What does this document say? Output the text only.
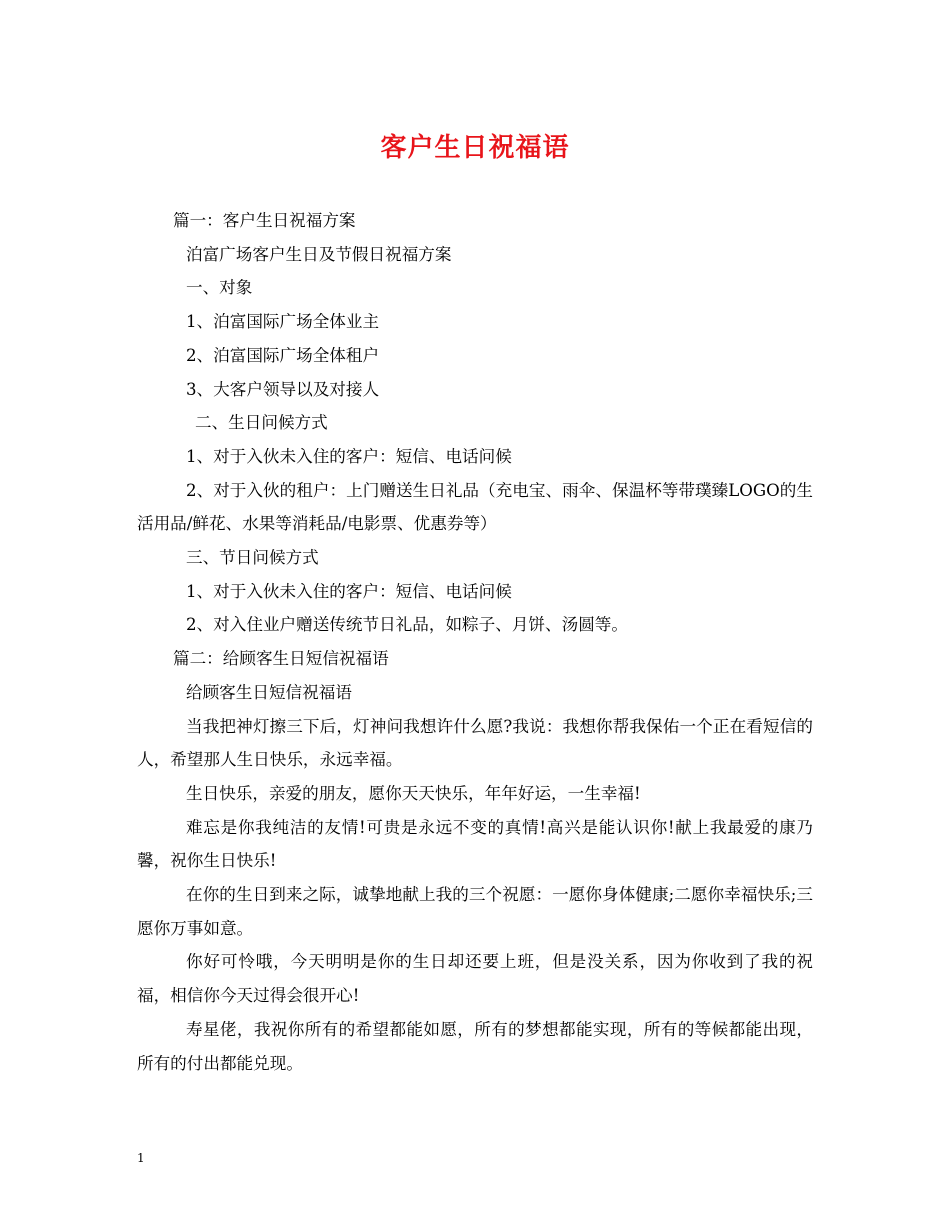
客户生日祝福语

篇一：客户生日祝福方案

泊富广场客户生日及节假日祝福方案

一、对象

1、泊富国际广场全体业主

2、泊富国际广场全体租户

3、大客户领导以及对接人

二、生日问候方式

1、对于入伙未入住的客户：短信、电话问候

2、对于入伙的租户：上门赠送生日礼品（充电宝、雨伞、保温杯等带璞臻LOGO的生活用品/鲜花、水果等消耗品/电影票、优惠券等）

三、节日问候方式

1、对于入伙未入住的客户：短信、电话问候

2、对入住业户赠送传统节日礼品，如粽子、月饼、汤圆等。

篇二：给顾客生日短信祝福语

给顾客生日短信祝福语

当我把神灯擦三下后，灯神问我想许什么愿?我说：我想你帮我保佑一个正在看短信的人，希望那人生日快乐，永远幸福。

生日快乐，亲爱的朋友，愿你天天快乐，年年好运，一生幸福!

难忘是你我纯洁的友情!可贵是永远不变的真情!高兴是能认识你!献上我最爱的康乃馨，祝你生日快乐!

在你的生日到来之际，诚挚地献上我的三个祝愿：一愿你身体健康;二愿你幸福快乐;三愿你万事如意。

你好可怜哦，今天明明是你的生日却还要上班，但是没关系，因为你收到了我的祝福，相信你今天过得会很开心!

寿星佬，我祝你所有的希望都能如愿，所有的梦想都能实现，所有的等候都能出现，所有的付出都能兑现。

1
